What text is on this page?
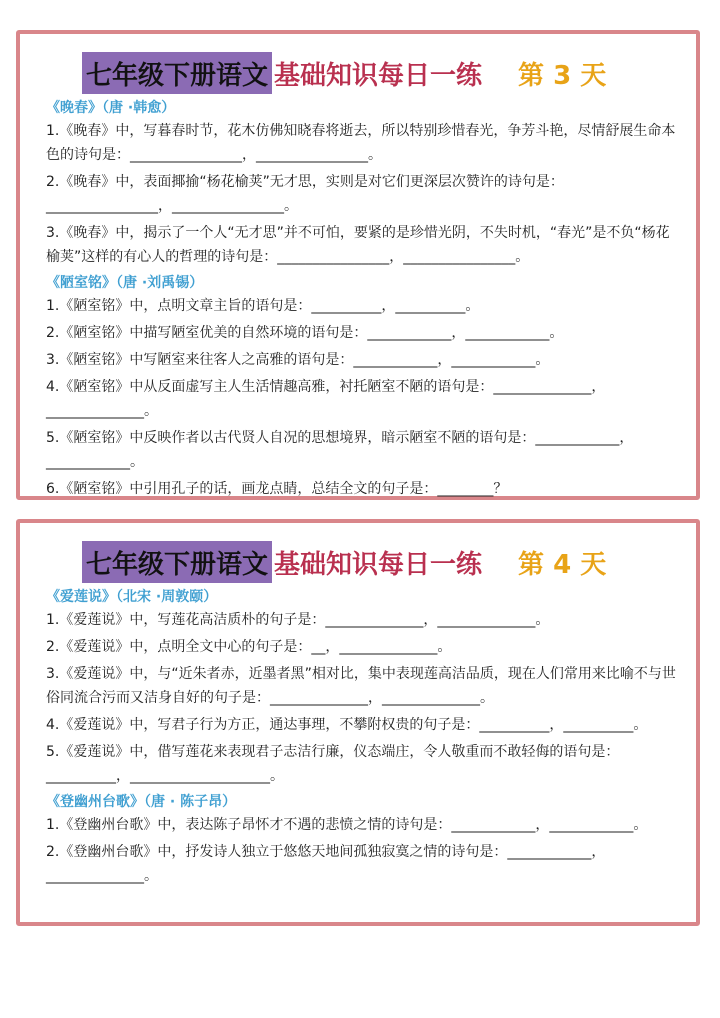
七年级下册语文 基础知识每日一练 第 3 天
《晚春》（唐 ·韩愈）
1.《晚春》中，写暮春时节，花木仿佛知晓春将逝去，所以特别珍惜春光，争芳斗艳，尽情舒展生命本色的诗句是：________________，________________。
2.《晚春》中，表面揶揄“杨花榆荚”无才思，实则是对它们更深层次赞许的诗句是：________________，________________。
3.《晚春》中，揭示了一个人“无才思”并不可怕，要紧的是珍惜光阴，不失时机，“春光”是不负“杨花榆荚”这样的有心人的哲理的诗句是：________________，________________。
《陋室铭》（唐 ·刘禹锡）
1.《陋室铭》中，点明文章主旨的语句是：__________，__________。
2.《陋室铭》中描写陋室优美的自然环境的语句是：____________，____________。
3.《陋室铭》中写陋室来往客人之高雅的语句是：____________，____________。
4.《陋室铭》中从反面虚写主人生活情趣高雅，衬托陋室不陋的语句是：______________，______________。
5.《陋室铭》中反映作者以古代贤人自况的思想境界，暗示陋室不陋的语句是：____________，____________。
6.《陋室铭》中引用孔子的话，画龙点睛，总结全文的句子是：________？
七年级下册语文 基础知识每日一练 第 4 天
《爱莲说》（北宋 ·周敦颐）
1.《爱莲说》中，写莲花高洁质朴的句子是：______________，______________。
2.《爱莲说》中，点明全文中心的句子是：__，______________。
3.《爱莲说》中，与“近朱者赤，近墨者黑”相对比，集中表现莲高洁品质，现在人们常用来比喻不与世俗同流合污而又洁身自好的句子是：______________，______________。
4.《爱莲说》中，写君子行为方正，通达事理，不攀附权贵的句子是：__________，__________。
5.《爱莲说》中，借写莲花来表现君子志洁行廉，仪态端庄，令人敬重而不敢轻侮的语句是：__________，____________________。
《登幽州台歌》（唐 · 陈子昂）
1.《登幽州台歌》中，表达陈子昂怀才不遇的悲愤之情的诗句是：____________，____________。
2.《登幽州台歌》中，抒发诗人独立于悠悠天地间孤独寂寞之情的诗句是：____________，______________。
